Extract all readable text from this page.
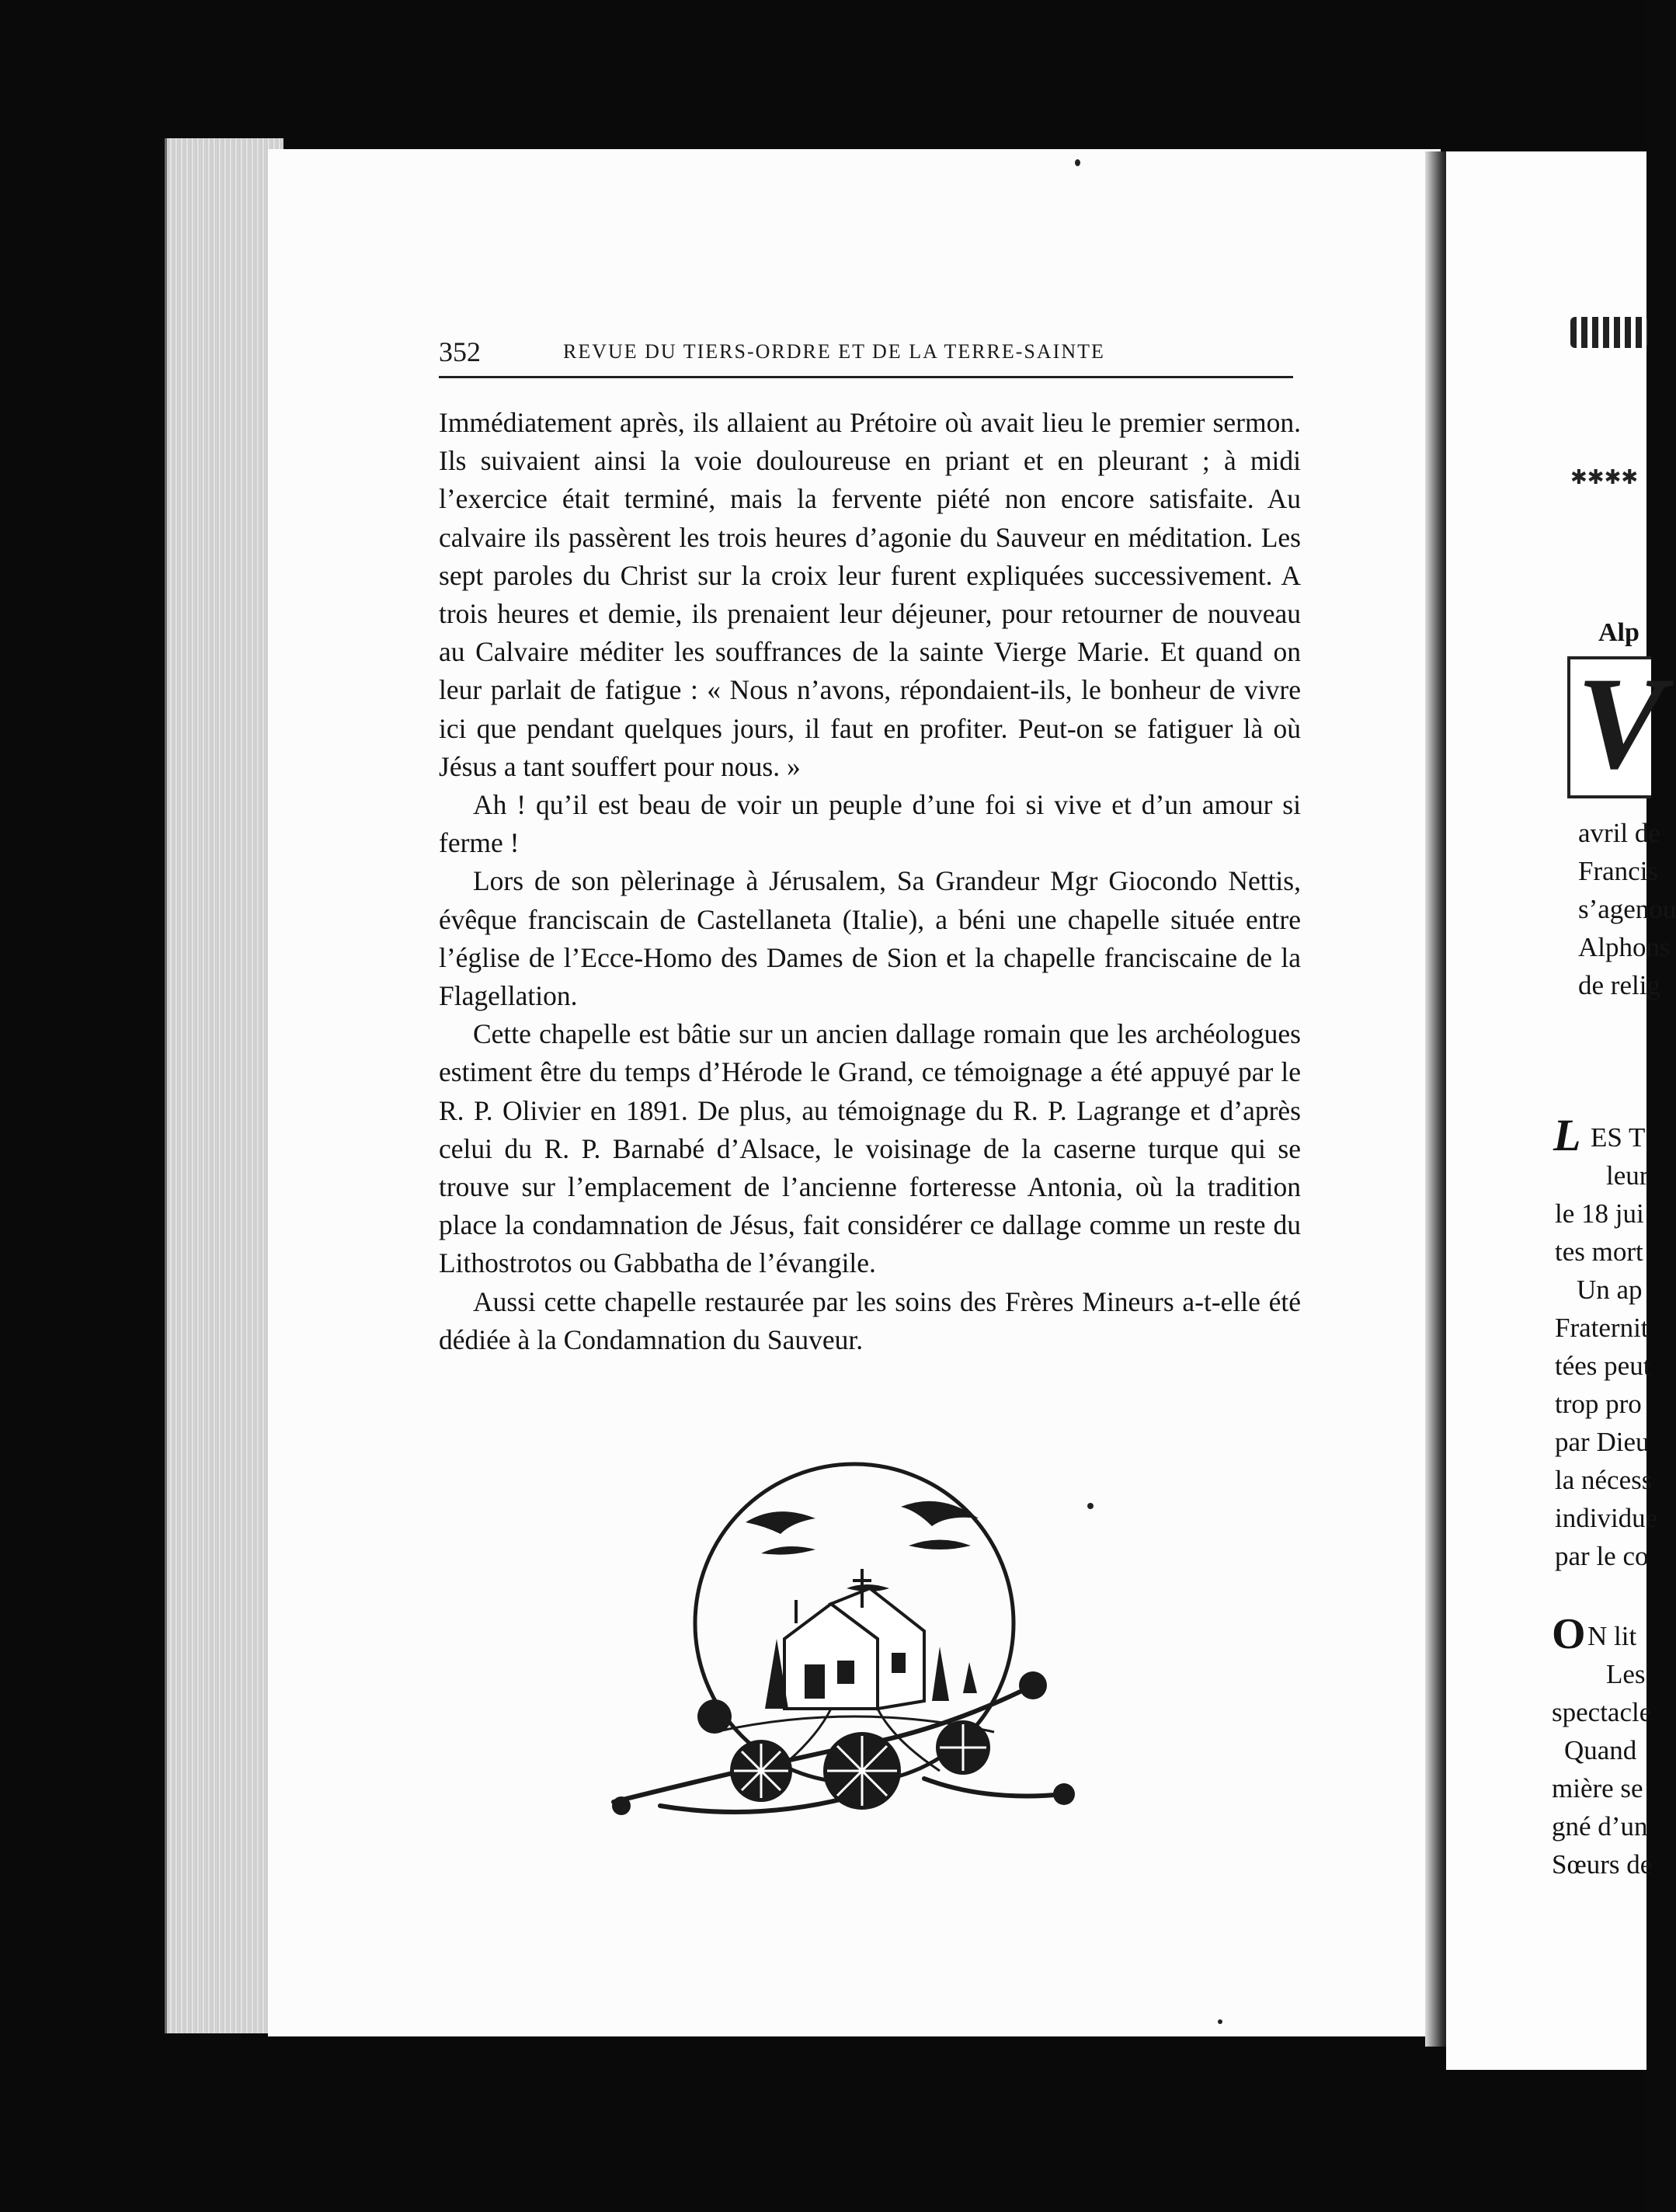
352	REVUE DU TIERS-ORDRE ET DE LA TERRE-SAINTE

Immédiatement après, ils allaient au Prétoire où avait lieu le premier sermon. Ils suivaient ainsi la voie douloureuse en priant et en pleurant ; à midi l’exercice était terminé, mais la fervente piété non encore satisfaite. Au calvaire ils passèrent les trois heures d’agonie du Sauveur en méditation. Les sept paroles du Christ sur la croix leur furent expliquées successivement. A trois heures et demie, ils prenaient leur déjeuner, pour retourner de nouveau au Calvaire méditer les souffrances de la sainte Vierge Marie. Et quand on leur parlait de fatigue : « Nous n’avons, répondaient-ils, le bonheur de vivre ici que pendant quelques jours, il faut en profiter. Peut-on se fatiguer là où Jésus a tant souffert pour nous. »

Ah ! qu’il est beau de voir un peuple d’une foi si vive et d’un amour si ferme !

Lors de son pèlerinage à Jérusalem, Sa Grandeur Mgr Giocondo Nettis, évêque franciscain de Castellaneta (Italie), a béni une chapelle située entre l’église de l’Ecce-Homo des Dames de Sion et la chapelle franciscaine de la Flagellation.

Cette chapelle est bâtie sur un ancien dallage romain que les archéologues estiment être du temps d’Hérode le Grand, ce témoignage a été appuyé par le R. P. Olivier en 1891. De plus, au témoignage du R. P. Lagrange et d’après celui du R. P. Barnabé d’Alsace, le voisinage de la caserne turque qui se trouve sur l’emplacement de l’ancienne forteresse Antonia, où la tradition place la condamnation de Jésus, fait considérer ce dallage comme un reste du Lithostrotos ou Gabbatha de l’évangile.

Aussi cette chapelle restaurée par les soins des Frères Mineurs a-t-elle été dédiée à la Condamnation du Sauveur.

✱✱✱✱
Alp
V
avril de
Francis
s’agenou
Alphons
de relig
L ES T
leur
le 18 jui
tes mort
Un ap
Fraternit
tées peut
trop pro
par Dieu
la nécess
individue
par le co
O N lit
Les
spectacle
Quand
mière se
gné d’un
Sœurs de
